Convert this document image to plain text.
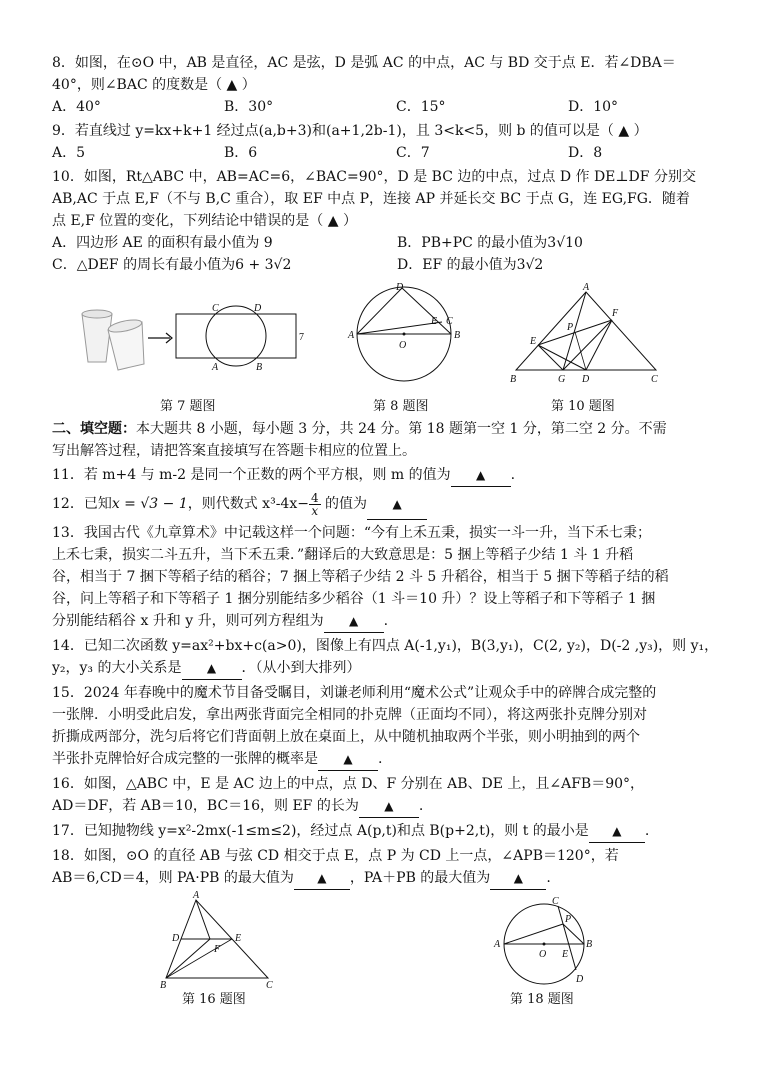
8．如图，在⊙O 中，AB 是直径，AC 是弦，D 是弧 AC 的中点，AC 与 BD 交于点 E．若∠DBA＝

40°，则∠BAC 的度数是（ ▲ ）

A．40°	B．30°	C．15°	D．10°

9．若直线过 y=kx+k+1 经过点(a,b+3)和(a+1,2b-1)，且 3<k<5，则 b 的值可以是（ ▲ ）

A．5	B．6	C．7	D．8

10．如图，Rt△ABC 中，AB=AC=6，∠BAC=90°，D 是 BC 边的中点，过点 D 作 DE⊥DF 分别交

AB,AC 于点 E,F（不与 B,C 重合），取 EF 中点 P，连接 AP 并延长交 BC 于点 G，连 EG,FG．随着

点 E,F 位置的变化，下列结论中错误的是（ ▲ ）

A．四边形 AE 的面积有最小值为 9	B．PB+PC 的最小值为3√10
C．△DEF 的周长有最小值为6 + 3√2	D．EF 的最小值为3√2
C	D
A	B
7
D
E C
A
O
B
A
F
P
E
B	G D	C
第 7 题图	第 8 题图	第 10 题图

二、填空题：本大题共 8 小题，每小题 3 分，共 24 分。第 18 题第一空 1 分，第二空 2 分。不需

写出解答过程，请把答案直接填写在答题卡相应的位置上。

11．若 m+4 与 m-2 是同一个正数的两个平方根，则 m 的值为 ▲ .

12．已知x = √3 − 1，则代数式 $x^3-4x- \frac{4}{x}$ 的值为 ▲

13．我国古代《九章算术》中记载这样一个问题：“今有上禾五秉，损实一斗一升，当下禾七秉；

上禾七秉，损实二斗五升，当下禾五秉．”翻译后的大致意思是：5 捆上等稻子少结 1 斗 1 升稻

谷，相当于 7 捆下等稻子结的稻谷；7 捆上等稻子少结 2 斗 5 升稻谷，相当于 5 捆下等稻子结的稻

谷，问上等稻子和下等稻子 1 捆分别能结多少稻谷（1 斗＝10 升）？设上等稻子和下等稻子 1 捆

分别能结稻谷 x 升和 y 升，则可列方程组为 ▲ .

14．已知二次函数 y=ax²+bx+c(a>0)，图像上有四点 A(-1,y₁)，B(3,y₁)，C(2, y₂)，D(-2 ,y₃)，则 y₁，

y₂，y₃ 的大小关系是 ▲ ．（从小到大排列）

15．2024 年春晚中的魔术节目备受瞩目，刘谦老师利用“魔术公式”让观众手中的碎牌合成完整的

一张牌．小明受此启发，拿出两张背面完全相同的扑克牌（正面均不同），将这两张扑克牌分别对

折撕成两部分，洗匀后将它们背面朝上放在桌面上，从中随机抽取两个半张，则小明抽到的两个

半张扑克牌恰好合成完整的一张牌的概率是 ▲ .

16．如图，△ABC 中，E 是 AC 边上的中点，点 D、F 分别在 AB、DE 上，且∠AFB＝90°，

AD＝DF，若 AB＝10，BC＝16，则 EF 的长为 ▲ .

17．已知抛物线 y=x²-2mx(-1≤m≤2)，经过点 A(p,t)和点 B(p+2,t)，则 t 的最小是 ▲ .

18．如图，⊙O 的直径 AB 与弦 CD 相交于点 E，点 P 为 CD 上一点，∠APB＝120°，若

AB＝6,CD＝4，则 PA·PB 的最大值为 ▲ ，PA＋PB 的最大值为 ▲ .

A
D
F
E
B	C
C
P
A
O E
B
D
第 16 题图	第 18 题图
